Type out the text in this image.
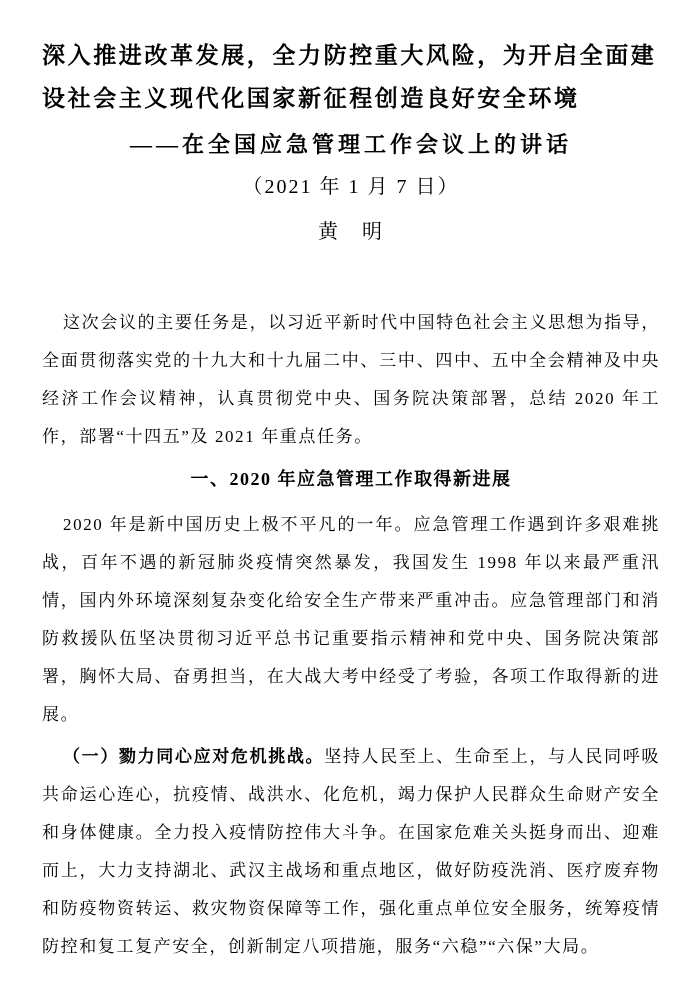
深入推进改革发展，全力防控重大风险，为开启全面建
设社会主义现代化国家新征程创造良好安全环境
——在全国应急管理工作会议上的讲话
（2021 年 1 月 7 日）
黄　明

这次会议的主要任务是，以习近平新时代中国特色社会主义思想为指导，全面贯彻落实党的十九大和十九届二中、三中、四中、五中全会精神及中央经济工作会议精神，认真贯彻党中央、国务院决策部署，总结 2020 年工作，部署“十四五”及 2021 年重点任务。

一、2020 年应急管理工作取得新进展

2020 年是新中国历史上极不平凡的一年。应急管理工作遇到许多艰难挑战，百年不遇的新冠肺炎疫情突然暴发，我国发生 1998 年以来最严重汛情，国内外环境深刻复杂变化给安全生产带来严重冲击。应急管理部门和消防救援队伍坚决贯彻习近平总书记重要指示精神和党中央、国务院决策部署，胸怀大局、奋勇担当，在大战大考中经受了考验，各项工作取得新的进展。

（一）勠力同心应对危机挑战。坚持人民至上、生命至上，与人民同呼吸共命运心连心，抗疫情、战洪水、化危机，竭力保护人民群众生命财产安全和身体健康。全力投入疫情防控伟大斗争。在国家危难关头挺身而出、迎难而上，大力支持湖北、武汉主战场和重点地区，做好防疫洗消、医疗废弃物和防疫物资转运、救灾物资保障等工作，强化重点单位安全服务，统筹疫情防控和复工复产安全，创新制定八项措施，服务“六稳”“六保”大局。
